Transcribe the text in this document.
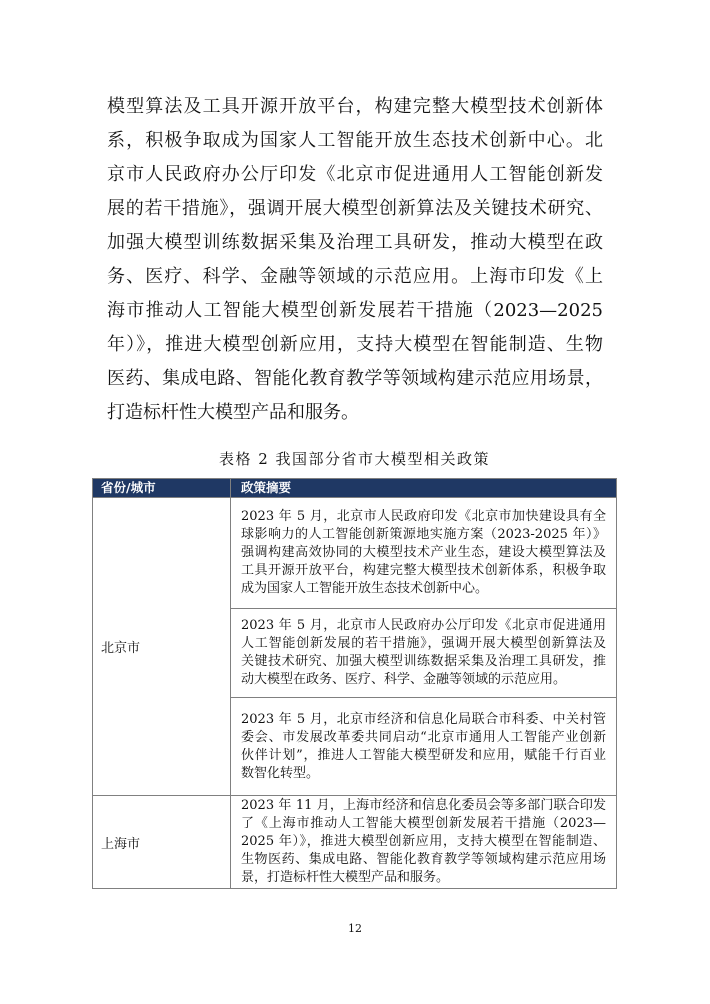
模型算法及工具开源开放平台，构建完整大模型技术创新体
系，积极争取成为国家人工智能开放生态技术创新中心。北
京市人民政府办公厅印发《北京市促进通用人工智能创新发
展的若干措施》，强调开展大模型创新算法及关键技术研究、
加强大模型训练数据采集及治理工具研发，推动大模型在政
务、医疗、科学、金融等领域的示范应用。上海市印发《上
海市推动人工智能大模型创新发展若干措施（2023—2025
年）》，推进大模型创新应用，支持大模型在智能制造、生物
医药、集成电路、智能化教育教学等领域构建示范应用场景，
打造标杆性大模型产品和服务。
表格 2 我国部分省市大模型相关政策
省份/城市	政策摘要
北京市	2023 年 5 月，北京市人民政府印发《北京市加快建设具有全
球影响力的人工智能创新策源地实施方案（2023-2025 年）》
强调构建高效协同的大模型技术产业生态，建设大模型算法及
工具开源开放平台，构建完整大模型技术创新体系，积极争取
成为国家人工智能开放生态技术创新中心。

	2023 年 5 月，北京市人民政府办公厅印发《北京市促进通用
人工智能创新发展的若干措施》，强调开展大模型创新算法及
关键技术研究、加强大模型训练数据采集及治理工具研发，推
动大模型在政务、医疗、科学、金融等领域的示范应用。

	2023 年 5 月，北京市经济和信息化局联合市科委、中关村管
委会、市发展改革委共同启动“北京市通用人工智能产业创新
伙伴计划”，推进人工智能大模型研发和应用，赋能千行百业
数智化转型。

上海市	2023 年 11 月，上海市经济和信息化委员会等多部门联合印发
了《上海市推动人工智能大模型创新发展若干措施（2023—
2025 年）》，推进大模型创新应用，支持大模型在智能制造、
生物医药、集成电路、智能化教育教学等领域构建示范应用场
景，打造标杆性大模型产品和服务。
12
